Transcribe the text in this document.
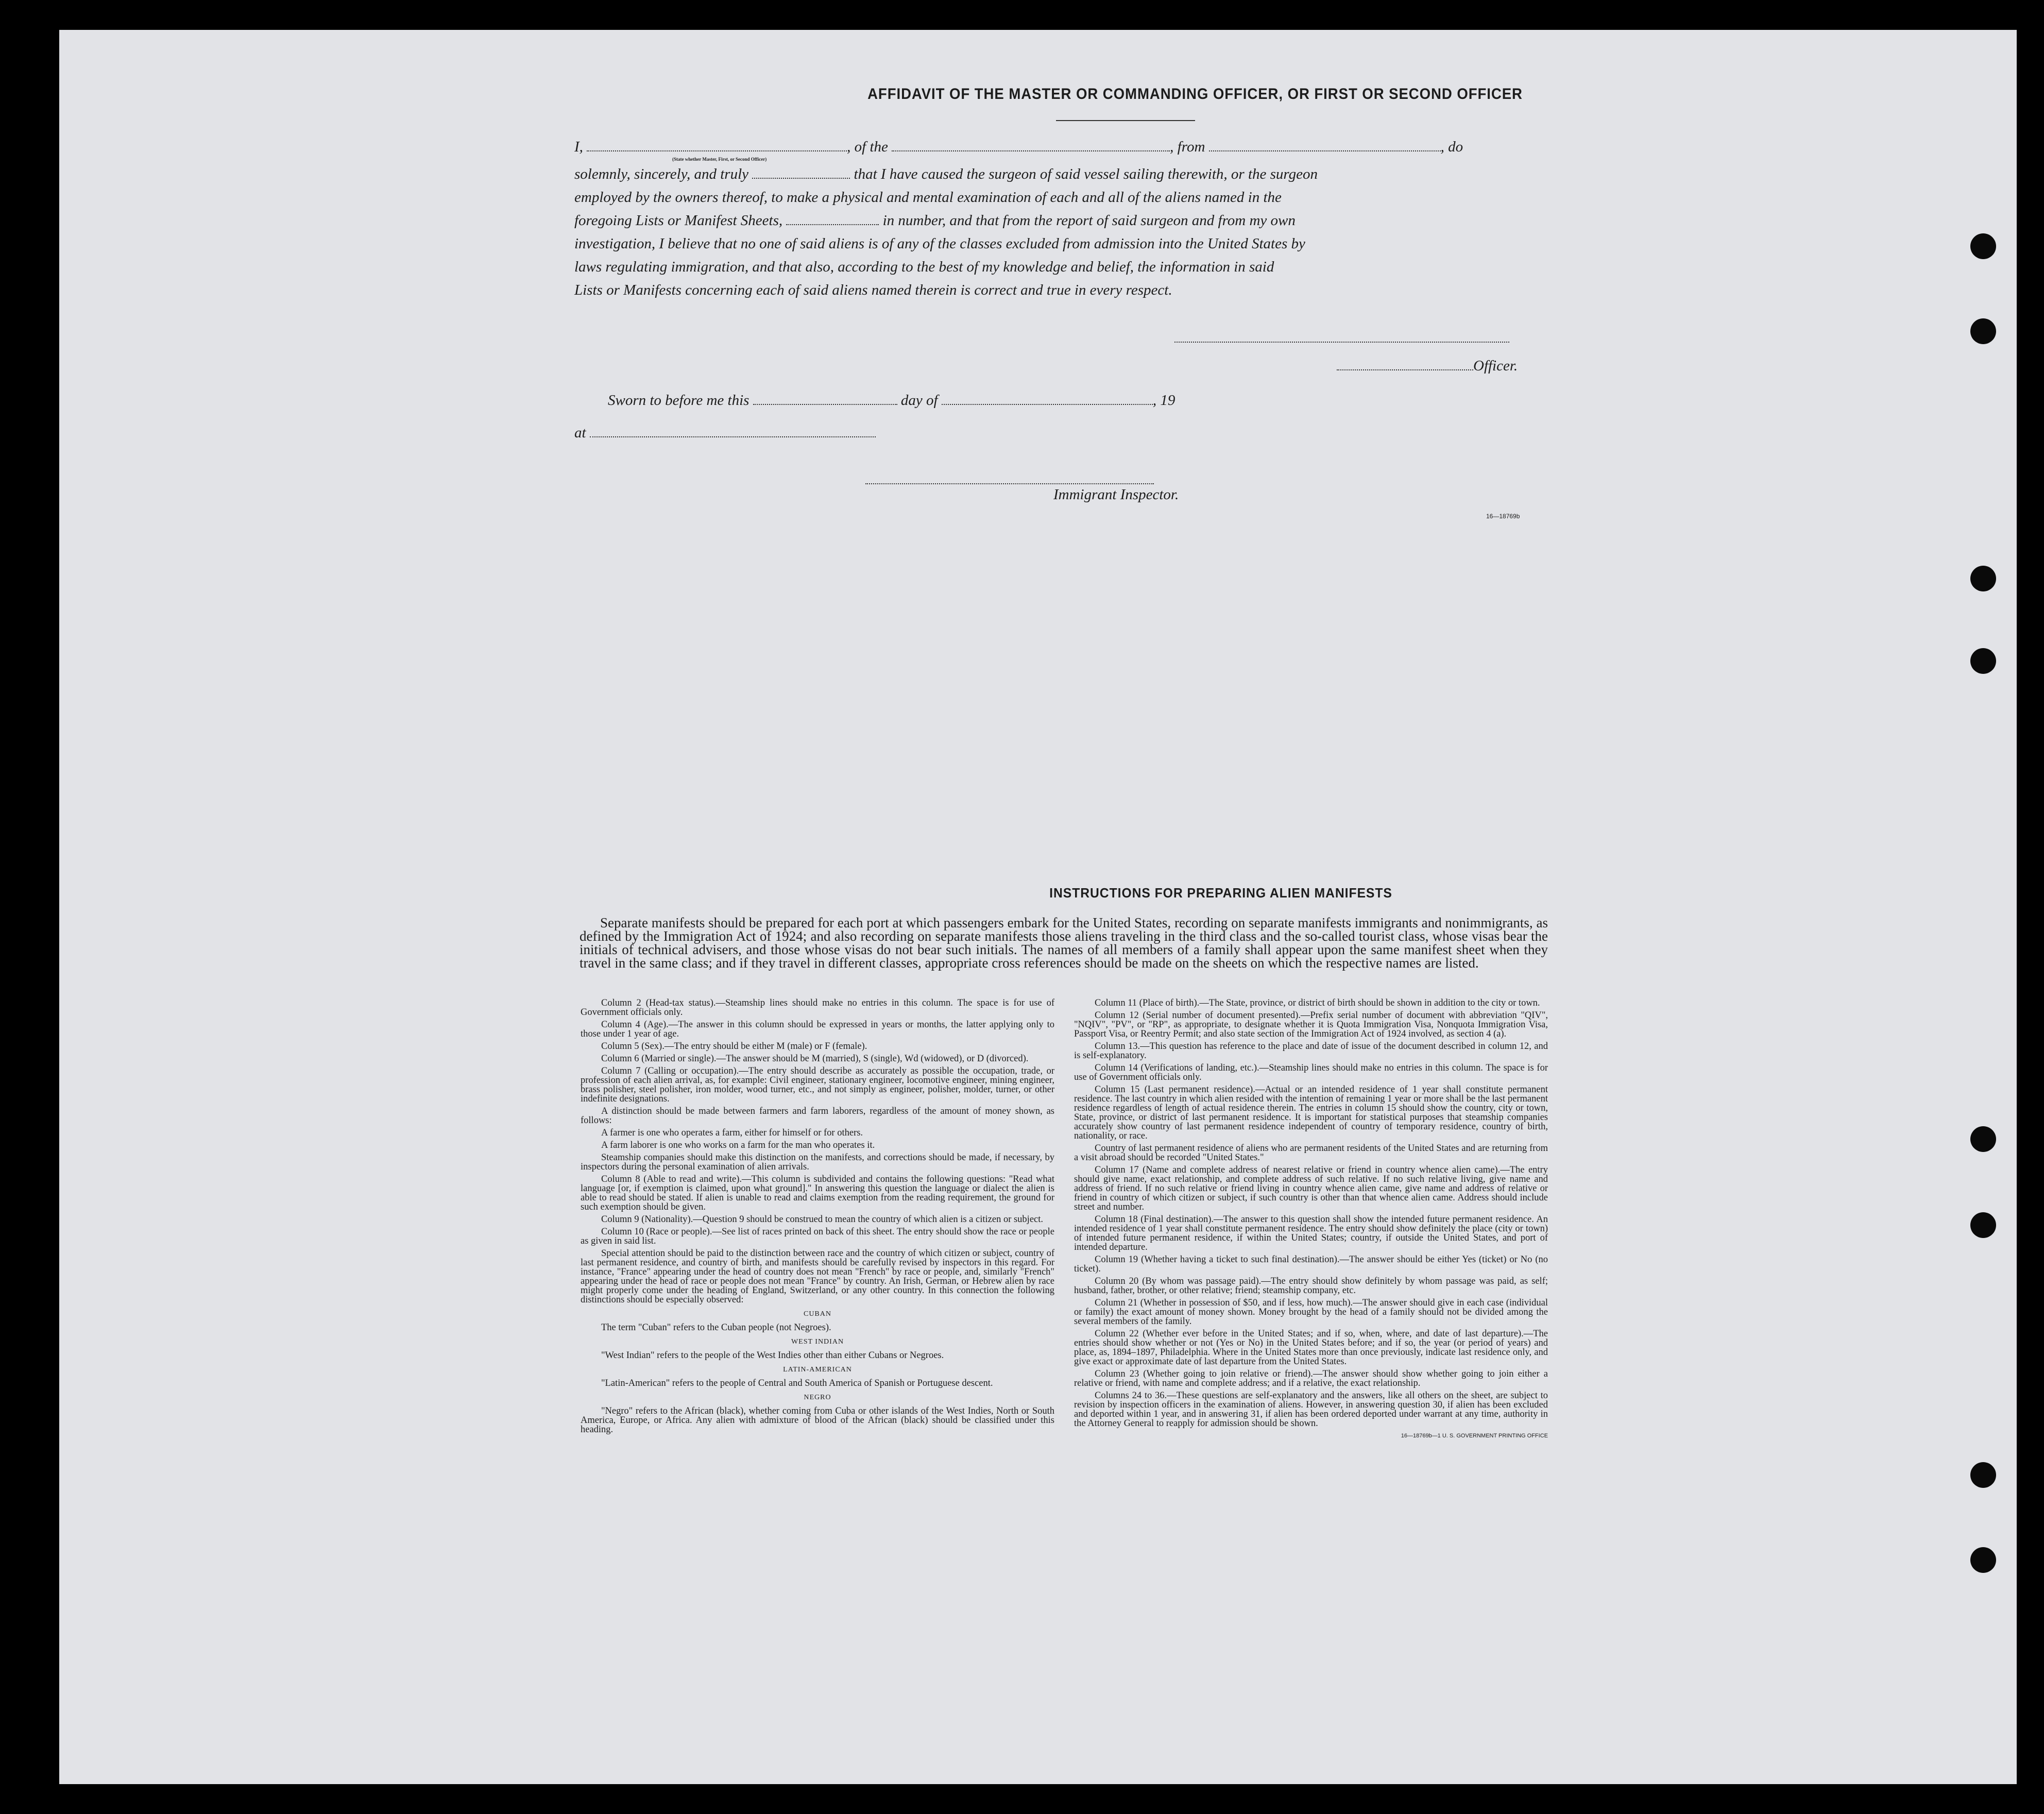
AFFIDAVIT OF THE MASTER OR COMMANDING OFFICER, OR FIRST OR SECOND OFFICER
I,	, of the	, from	, do
(State whether Master, First, or Second Officer)
solemnly, sincerely, and truly	that I have caused the surgeon of said vessel sailing therewith, or the surgeon
employed by the owners thereof, to make a physical and mental examination of each and all of the aliens named in the
foregoing Lists or Manifest Sheets,	in number, and that from the report of said surgeon and from my own
investigation, I believe that no one of said aliens is of any of the classes excluded from admission into the United States by
laws regulating immigration, and that also, according to the best of my knowledge and belief, the information in said
Lists or Manifests concerning each of said aliens named therein is correct and true in every respect.
Officer.
Sworn to before me this	day of	, 19
at
Immigrant Inspector.
16—18769b
INSTRUCTIONS FOR PREPARING ALIEN MANIFESTS
Separate manifests should be prepared for each port at which passengers embark for the United States, recording on separate manifests immigrants and nonimmigrants, as defined by the Immigration Act of 1924; and also recording on separate manifests those aliens traveling in the third class and the so-called tourist class, whose visas bear the initials of technical advisers, and those whose visas do not bear such initials. The names of all members of a family shall appear upon the same manifest sheet when they travel in the same class; and if they travel in different classes, appropriate cross references should be made on the sheets on which the respective names are listed.

Column 2 (Head-tax status).—Steamship lines should make no entries in this column. The space is for use of Government officials only.

Column 4 (Age).—The answer in this column should be expressed in years or months, the latter applying only to those under 1 year of age.

Column 5 (Sex).—The entry should be either M (male) or F (female).

Column 6 (Married or single).—The answer should be M (married), S (single), Wd (widowed), or D (divorced).

Column 7 (Calling or occupation).—The entry should describe as accurately as possible the occupation, trade, or profession of each alien arrival, as, for example: Civil engineer, stationary engineer, locomotive engineer, mining engineer, brass polisher, steel polisher, iron molder, wood turner, etc., and not simply as engineer, polisher, molder, turner, or other indefinite designations.

A distinction should be made between farmers and farm laborers, regardless of the amount of money shown, as follows:

A farmer is one who operates a farm, either for himself or for others.

A farm laborer is one who works on a farm for the man who operates it.

Steamship companies should make this distinction on the manifests, and corrections should be made, if necessary, by inspectors during the personal examination of alien arrivals.

Column 8 (Able to read and write).—This column is subdivided and contains the following questions: "Read what language [or, if exemption is claimed, upon what ground]." In answering this question the language or dialect the alien is able to read should be stated. If alien is unable to read and claims exemption from the reading requirement, the ground for such exemption should be given.

Column 9 (Nationality).—Question 9 should be construed to mean the country of which alien is a citizen or subject.

Column 10 (Race or people).—See list of races printed on back of this sheet. The entry should show the race or people as given in said list.

Special attention should be paid to the distinction between race and the country of which citizen or subject, country of last permanent residence, and country of birth, and manifests should be carefully revised by inspectors in this regard. For instance, "France" appearing under the head of country does not mean "French" by race or people, and, similarly "French" appearing under the head of race or people does not mean "France" by country. An Irish, German, or Hebrew alien by race might properly come under the heading of England, Switzerland, or any other country. In this connection the following distinctions should be especially observed:

CUBAN

The term "Cuban" refers to the Cuban people (not Negroes).

WEST INDIAN

"West Indian" refers to the people of the West Indies other than either Cubans or Negroes.

LATIN-AMERICAN

"Latin-American" refers to the people of Central and South America of Spanish or Portuguese descent.

NEGRO

"Negro" refers to the African (black), whether coming from Cuba or other islands of the West Indies, North or South America, Europe, or Africa. Any alien with admixture of blood of the African (black) should be classified under this heading.

Column 11 (Place of birth).—The State, province, or district of birth should be shown in addition to the city or town.

Column 12 (Serial number of document presented).—Prefix serial number of document with abbreviation "QIV", "NQIV", "PV", or "RP", as appropriate, to designate whether it is Quota Immigration Visa, Nonquota Immigration Visa, Passport Visa, or Reentry Permit; and also state section of the Immigration Act of 1924 involved, as section 4 (a).

Column 13.—This question has reference to the place and date of issue of the document described in column 12, and is self-explanatory.

Column 14 (Verifications of landing, etc.).—Steamship lines should make no entries in this column. The space is for use of Government officials only.

Column 15 (Last permanent residence).—Actual or an intended residence of 1 year shall constitute permanent residence. The last country in which alien resided with the intention of remaining 1 year or more shall be the last permanent residence regardless of length of actual residence therein. The entries in column 15 should show the country, city or town, State, province, or district of last permanent residence. It is important for statistical purposes that steamship companies accurately show country of last permanent residence independent of country of temporary residence, country of birth, nationality, or race.

Country of last permanent residence of aliens who are permanent residents of the United States and are returning from a visit abroad should be recorded "United States."

Column 17 (Name and complete address of nearest relative or friend in country whence alien came).—The entry should give name, exact relationship, and complete address of such relative. If no such relative living, give name and address of friend. If no such relative or friend living in country whence alien came, give name and address of relative or friend in country of which citizen or subject, if such country is other than that whence alien came. Address should include street and number.

Column 18 (Final destination).—The answer to this question shall show the intended future permanent residence. An intended residence of 1 year shall constitute permanent residence. The entry should show definitely the place (city or town) of intended future permanent residence, if within the United States; country, if outside the United States, and port of intended departure.

Column 19 (Whether having a ticket to such final destination).—The answer should be either Yes (ticket) or No (no ticket).

Column 20 (By whom was passage paid).—The entry should show definitely by whom passage was paid, as self; husband, father, brother, or other relative; friend; steamship company, etc.

Column 21 (Whether in possession of $50, and if less, how much).—The answer should give in each case (individual or family) the exact amount of money shown. Money brought by the head of a family should not be divided among the several members of the family.

Column 22 (Whether ever before in the United States; and if so, when, where, and date of last departure).—The entries should show whether or not (Yes or No) in the United States before; and if so, the year (or period of years) and place, as, 1894–1897, Philadelphia. Where in the United States more than once previously, indicate last residence only, and give exact or approximate date of last departure from the United States.

Column 23 (Whether going to join relative or friend).—The answer should show whether going to join either a relative or friend, with name and complete address; and if a relative, the exact relationship.

Columns 24 to 36.—These questions are self-explanatory and the answers, like all others on the sheet, are subject to revision by inspection officers in the examination of aliens. However, in answering question 30, if alien has been excluded and deported within 1 year, and in answering 31, if alien has been ordered deported under warrant at any time, authority in the Attorney General to reapply for admission should be shown.

16—18769b—1 U. S. GOVERNMENT PRINTING OFFICE
